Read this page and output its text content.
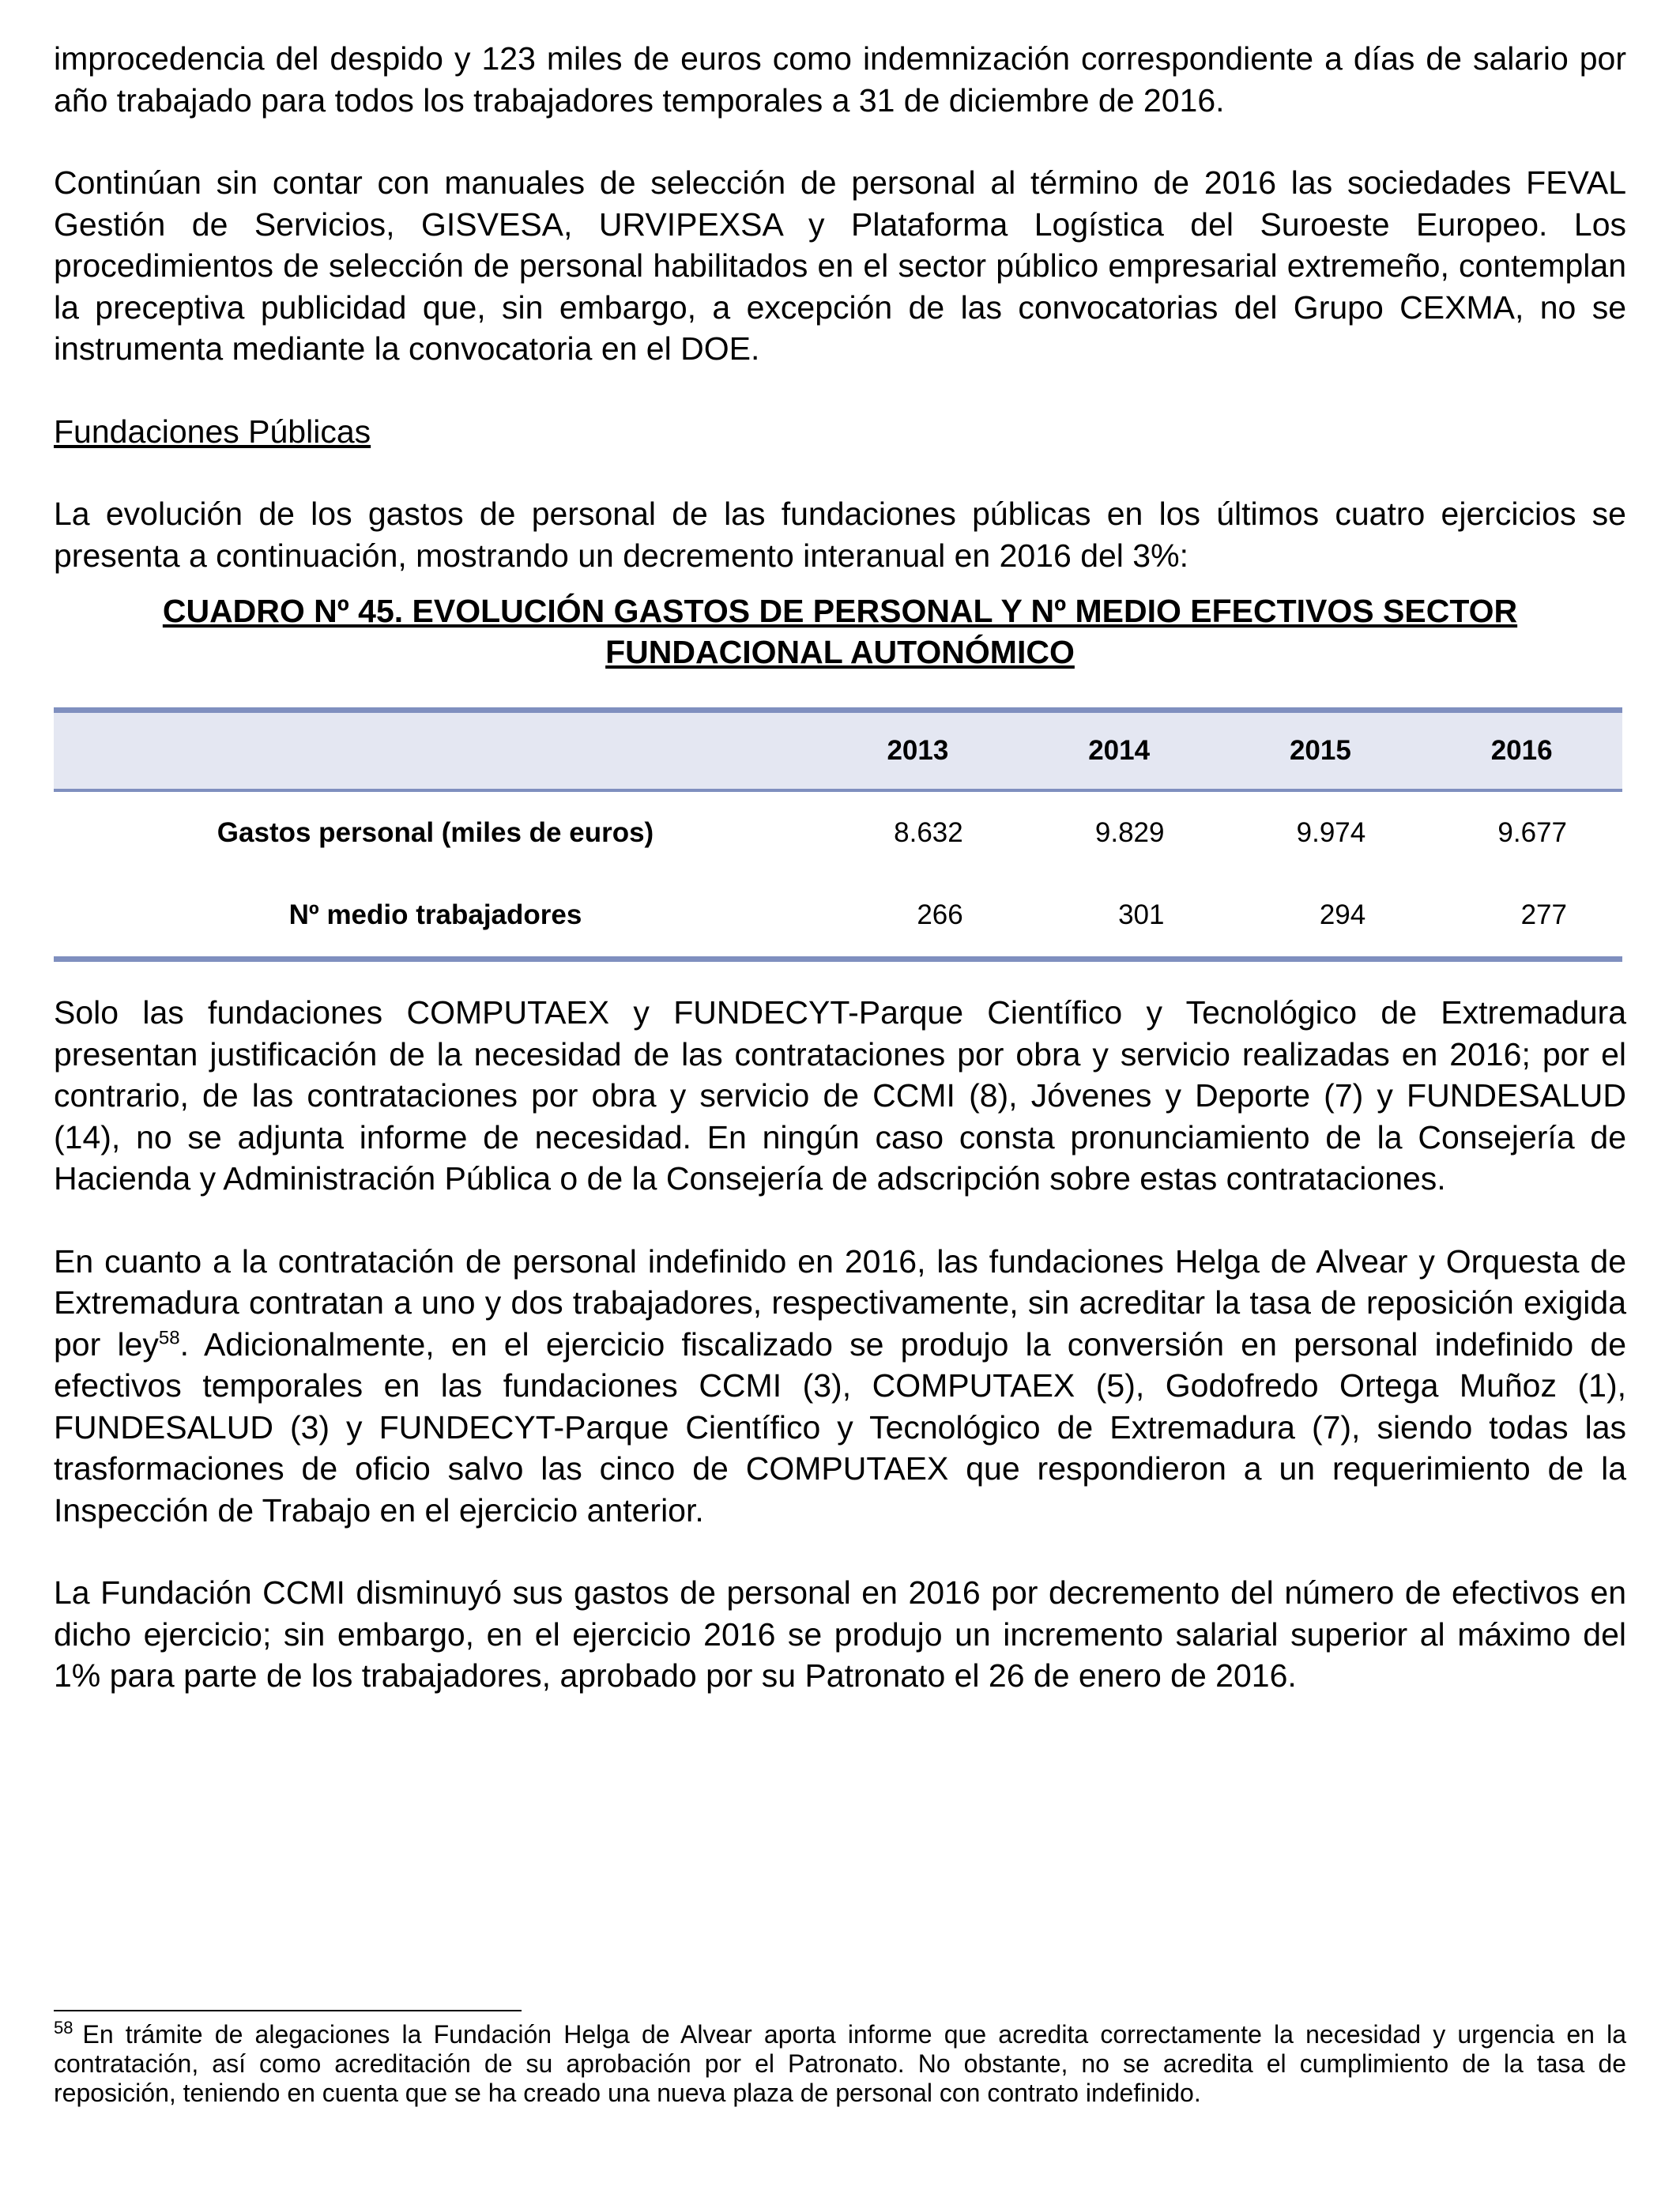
improcedencia del despido y 123 miles de euros como indemnización correspondiente a días de salario por año trabajado para todos los trabajadores temporales a 31 de diciembre de 2016.

Continúan sin contar con manuales de selección de personal al término de 2016 las sociedades FEVAL Gestión de Servicios, GISVESA, URVIPEXSA y Plataforma Logística del Suroeste Europeo. Los procedimientos de selección de personal habilitados en el sector público empresarial extremeño, contemplan la preceptiva publicidad que, sin embargo, a excepción de las convocatorias del Grupo CEXMA, no se instrumenta mediante la convocatoria en el DOE.

Fundaciones Públicas

La evolución de los gastos de personal de las fundaciones públicas en los últimos cuatro ejercicios se presenta a continuación, mostrando un decremento interanual en 2016 del 3%:

CUADRO Nº 45. EVOLUCIÓN GASTOS DE PERSONAL Y Nº MEDIO EFECTIVOS SECTOR
FUNDACIONAL AUTONÓMICO
	2013	2014	2015	2016
Gastos personal (miles de euros)	8.632	9.829	9.974	9.677
Nº medio trabajadores	266	301	294	277

Solo las fundaciones COMPUTAEX y FUNDECYT-Parque Científico y Tecnológico de Extremadura presentan justificación de la necesidad de las contrataciones por obra y servicio realizadas en 2016; por el contrario, de las contrataciones por obra y servicio de CCMI (8), Jóvenes y Deporte (7) y FUNDESALUD (14), no se adjunta informe de necesidad. En ningún caso consta pronunciamiento de la Consejería de Hacienda y Administración Pública o de la Consejería de adscripción sobre estas contrataciones.

En cuanto a la contratación de personal indefinido en 2016, las fundaciones Helga de Alvear y Orquesta de Extremadura contratan a uno y dos trabajadores, respectivamente, sin acreditar la tasa de reposición exigida por ley$^{58}$. Adicionalmente, en el ejercicio fiscalizado se produjo la conversión en personal indefinido de efectivos temporales en las fundaciones CCMI (3), COMPUTAEX (5), Godofredo Ortega Muñoz (1), FUNDESALUD (3) y FUNDECYT-Parque Científico y Tecnológico de Extremadura (7), siendo todas las trasformaciones de oficio salvo las cinco de COMPUTAEX que respondieron a un requerimiento de la Inspección de Trabajo en el ejercicio anterior.

La Fundación CCMI disminuyó sus gastos de personal en 2016 por decremento del número de efectivos en dicho ejercicio; sin embargo, en el ejercicio 2016 se produjo un incremento salarial superior al máximo del 1% para parte de los trabajadores, aprobado por su Patronato el 26 de enero de 2016.

$^{58}$ En trámite de alegaciones la Fundación Helga de Alvear aporta informe que acredita correctamente la necesidad y urgencia en la contratación, así como acreditación de su aprobación por el Patronato. No obstante, no se acredita el cumplimiento de la tasa de reposición, teniendo en cuenta que se ha creado una nueva plaza de personal con contrato indefinido.
